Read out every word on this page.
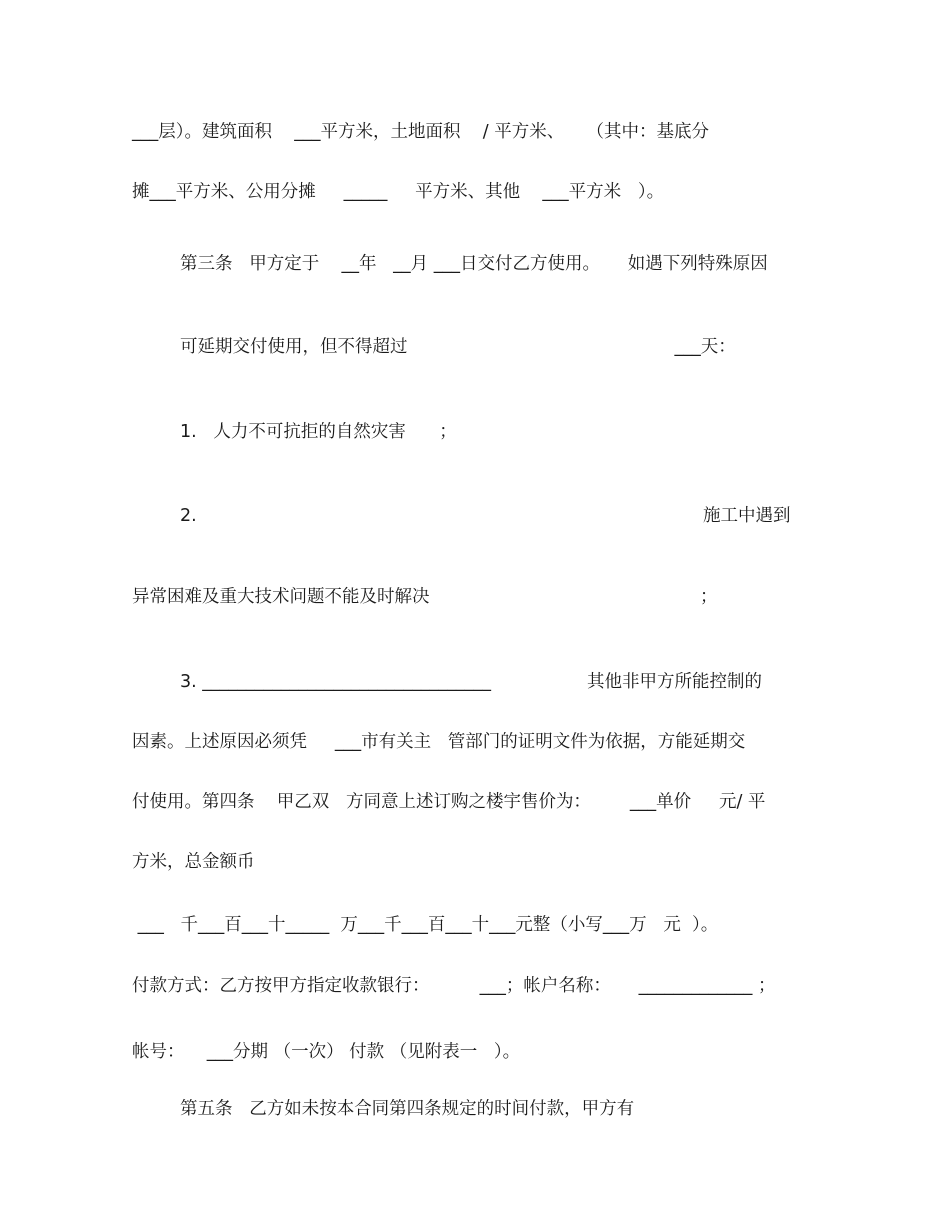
___层）。建筑面积    ___平方米，土地面积    / 平方米、    （其中：基底分
摊___平方米、公用分摊     _____     平方米、其他    ___平方米   ）。
第三条   甲方定于    __年   __月 ___日交付乙方使用。     如遇下列特殊原因
可延期交付使用，但不得超过                                                ___天：
1.   人力不可抗拒的自然灾害      ；
2.	施工中遇到
异常困难及重大技术问题不能及时解决	；
3. _________________________________	其他非甲方所能控制的
因素。上述原因必须凭     ___市有关主   管部门的证明文件为依据，方能延期交
付使用。第四条    甲乙双   方同意上述订购之楼宇售价为：       ___单价     元/ 平
方米，总金额币
___   千___百___十_____  万___千___百___十___元整（小写___万   元  ）。
付款方式：乙方按甲方指定收款银行：         ___；帐户名称：     _____________ ；
帐号：    ___分期 （一次） 付款 （见附表一   ）。
第五条   乙方如未按本合同第四条规定的时间付款，甲方有
